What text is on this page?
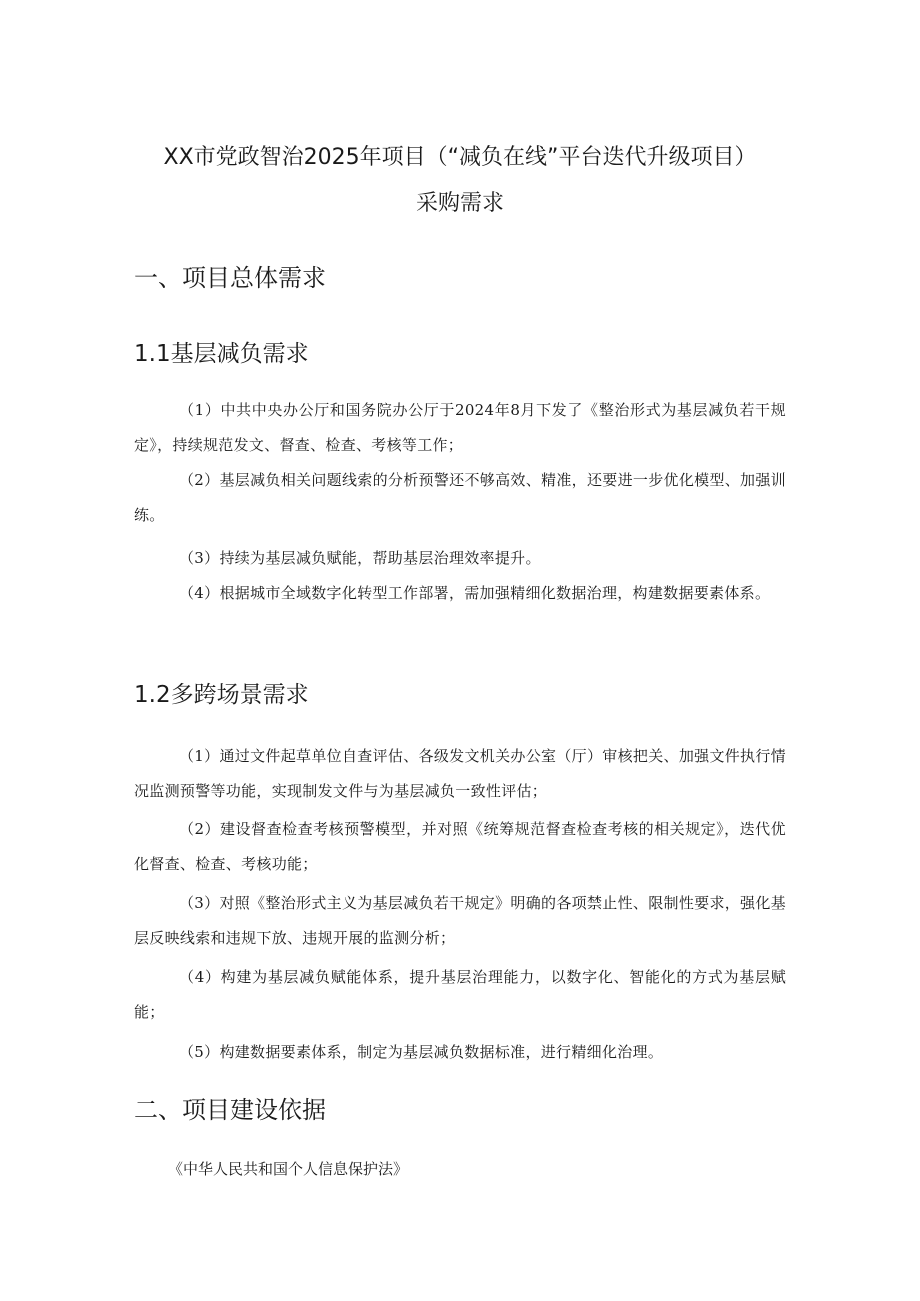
XX市党政智治2025年项目（“减负在线”平台迭代升级项目）
采购需求
一、项目总体需求
1.1基层减负需求
（1）中共中央办公厅和国务院办公厅于2024年8月下发了《整治形式为基层减负若干规定》，持续规范发文、督查、检查、考核等工作；
（2）基层减负相关问题线索的分析预警还不够高效、精准，还要进一步优化模型、加强训练。
（3）持续为基层减负赋能，帮助基层治理效率提升。
（4）根据城市全域数字化转型工作部署，需加强精细化数据治理，构建数据要素体系。
1.2多跨场景需求
（1）通过文件起草单位自查评估、各级发文机关办公室（厅）审核把关、加强文件执行情况监测预警等功能，实现制发文件与为基层减负一致性评估；
（2）建设督查检查考核预警模型，并对照《统筹规范督查检查考核的相关规定》，迭代优化督查、检查、考核功能；
（3）对照《整治形式主义为基层减负若干规定》明确的各项禁止性、限制性要求，强化基层反映线索和违规下放、违规开展的监测分析；
（4）构建为基层减负赋能体系，提升基层治理能力，以数字化、智能化的方式为基层赋能；
（5）构建数据要素体系，制定为基层减负数据标准，进行精细化治理。
二、项目建设依据
《中华人民共和国个人信息保护法》
